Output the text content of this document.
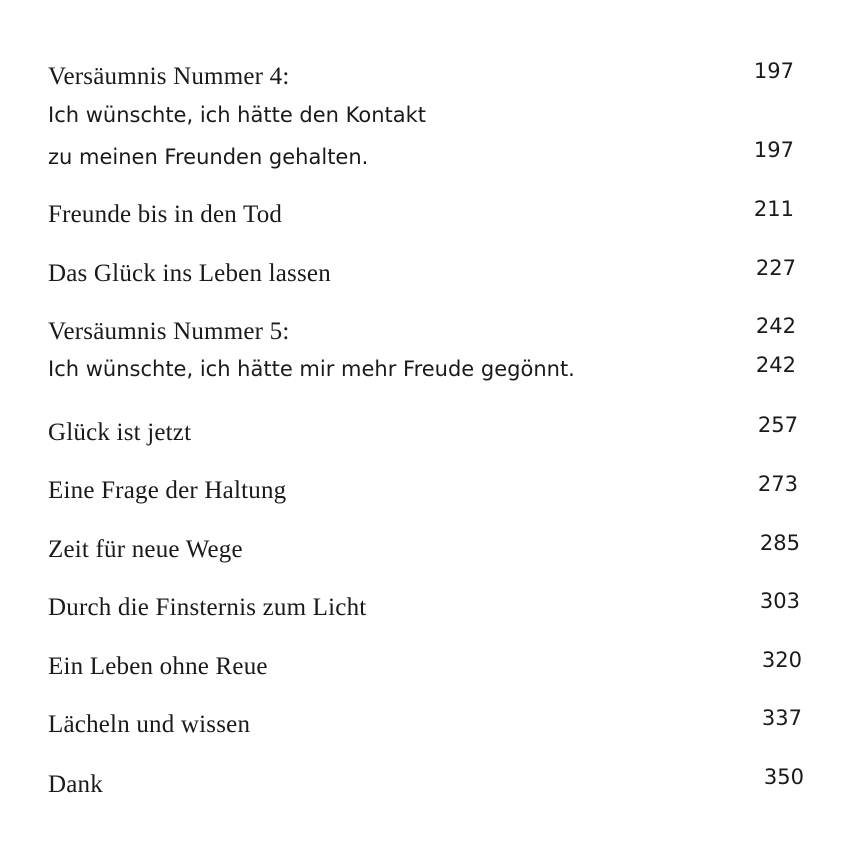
Versäumnis Nummer 4:	197
Ich wünschte, ich hätte den Kontakt
zu meinen Freunden gehalten.	197
Freunde bis in den Tod	211
Das Glück ins Leben lassen	227
Versäumnis Nummer 5:	242
Ich wünschte, ich hätte mir mehr Freude gegönnt.	242
Glück ist jetzt	257
Eine Frage der Haltung	273
Zeit für neue Wege	285
Durch die Finsternis zum Licht	303
Ein Leben ohne Reue	320
Lächeln und wissen	337
Dank	350
